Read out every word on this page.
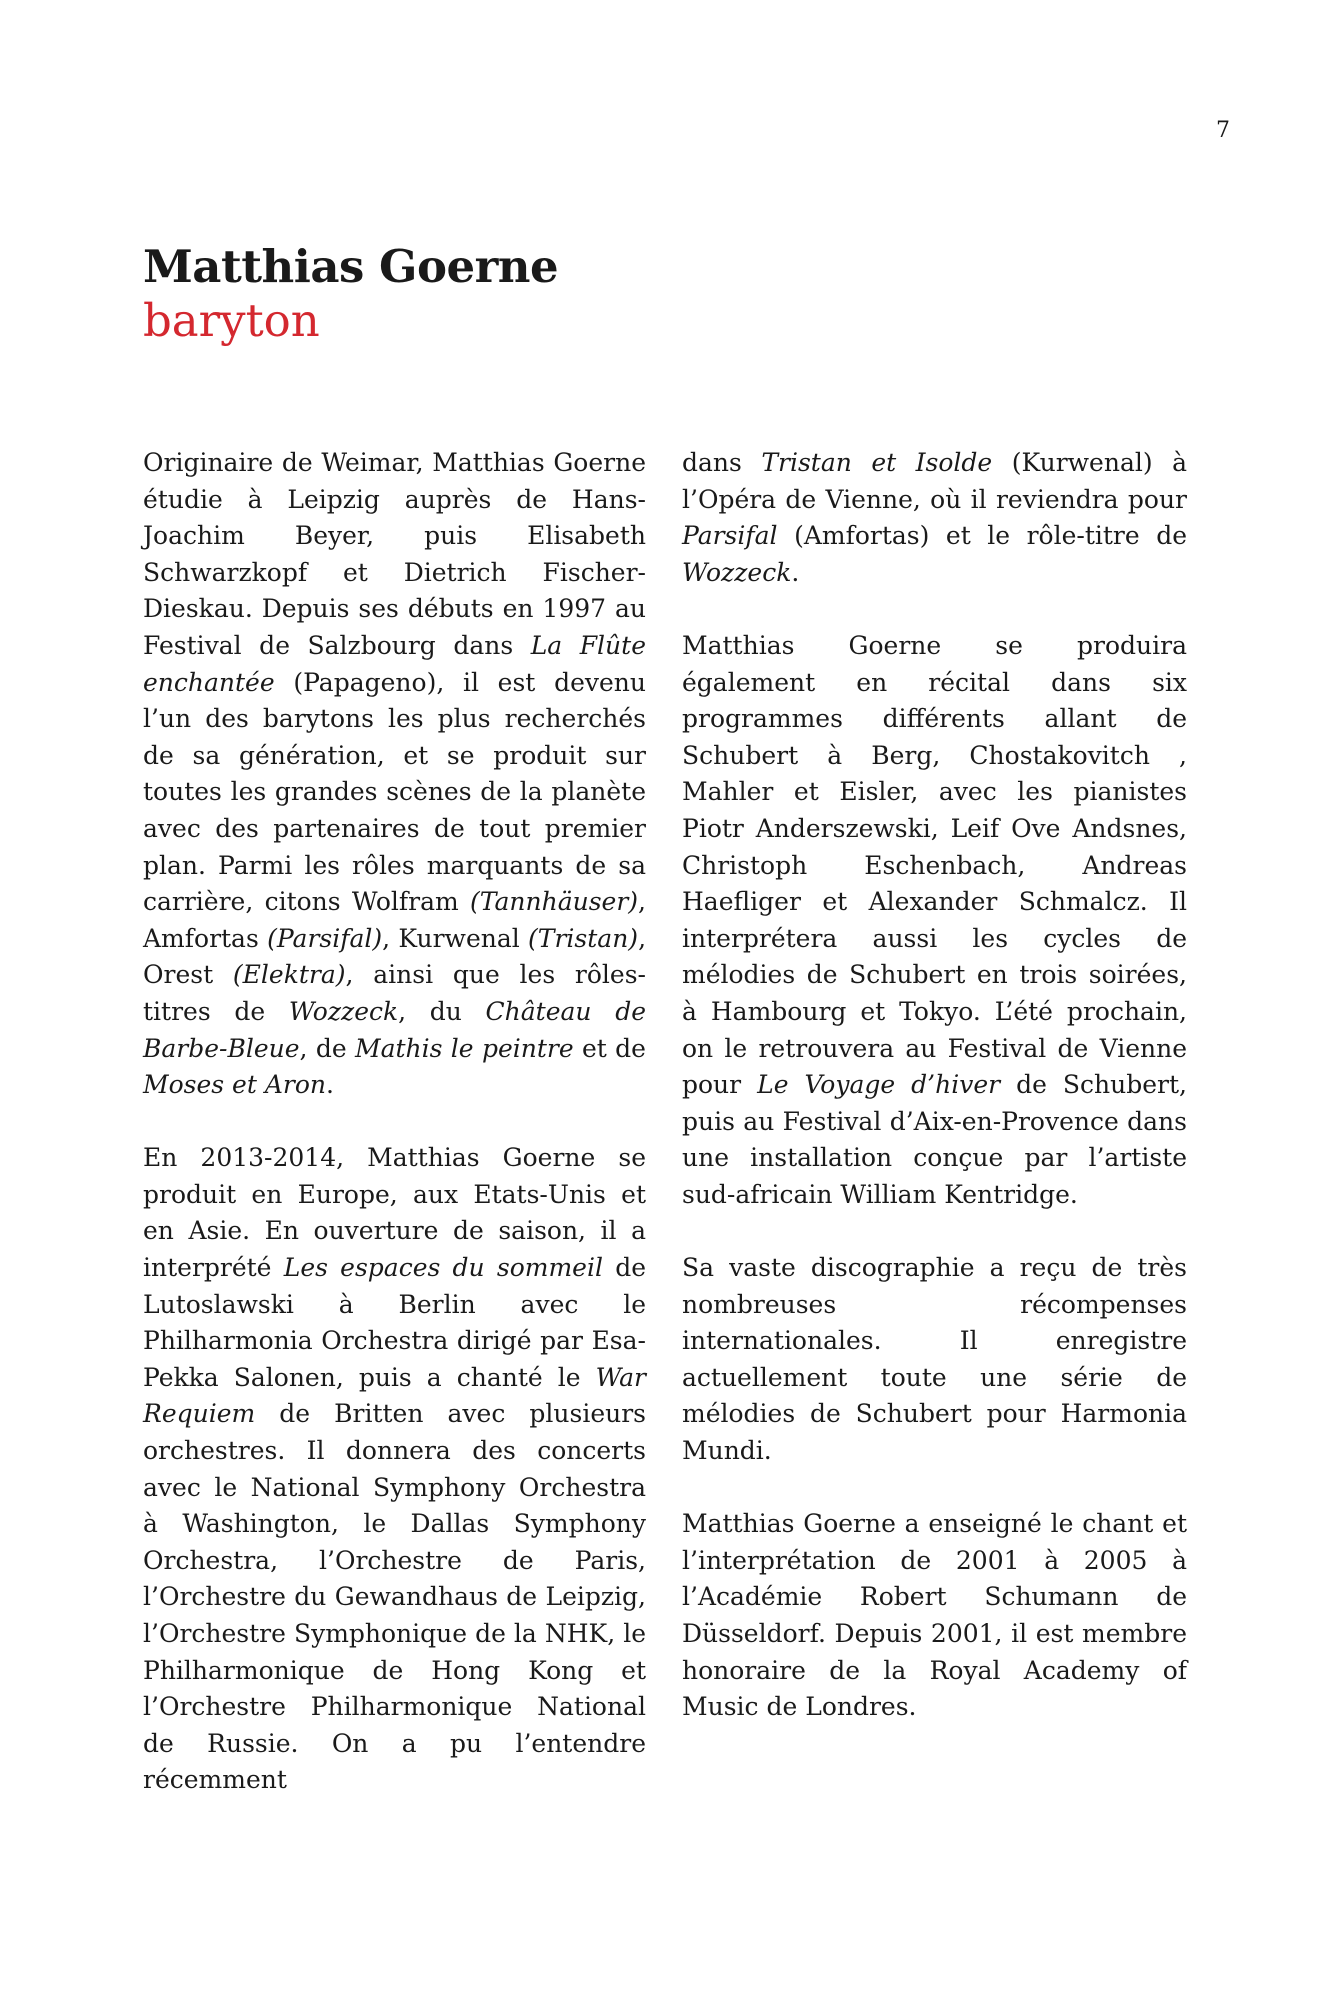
7
Matthias Goerne
baryton

Originaire de Weimar, Matthias Goerne étudie à Leipzig auprès de Hans-Joachim Beyer, puis Elisabeth Schwarzkopf et Dietrich Fischer-Dieskau. Depuis ses débuts en 1997 au Festival de Salzbourg dans La Flûte enchantée (Papageno), il est devenu l’un des barytons les plus recherchés de sa génération, et se produit sur toutes les grandes scènes de la planète avec des partenaires de tout premier plan. Parmi les rôles marquants de sa carrière, citons Wolfram (Tannhäuser), Amfortas (Parsifal), Kurwenal (Tristan), Orest (Elektra), ainsi que les rôles-titres de Wozzeck, du Château de Barbe-Bleue, de Mathis le peintre et de Moses et Aron.

En 2013-2014, Matthias Goerne se produit en Europe, aux Etats-Unis et en Asie. En ouverture de saison, il a interprété Les espaces du sommeil de Lutoslawski à Berlin avec le Philharmonia Orchestra dirigé par Esa-Pekka Salonen, puis a chanté le War Requiem de Britten avec plusieurs orchestres. Il donnera des concerts avec le National Symphony Orchestra à Washington, le Dallas Symphony Orchestra, l’Orchestre de Paris, l’Orchestre du Gewandhaus de Leipzig, l’Orchestre Symphonique de la NHK, le Philharmonique de Hong Kong et l’Orchestre Philharmonique National de Russie. On a pu l’entendre récemment

dans Tristan et Isolde (Kurwenal) à l’Opéra de Vienne, où il reviendra pour Parsifal (Amfortas) et le rôle-titre de Wozzeck.

Matthias Goerne se produira également en récital dans six programmes différents allant de Schubert à Berg, Chostakovitch , Mahler et Eisler, avec les pianistes Piotr Anderszewski, Leif Ove Andsnes, Christoph Eschenbach, Andreas Haefliger et Alexander Schmalcz. Il interprétera aussi les cycles de mélodies de Schubert en trois soirées, à Hambourg et Tokyo. L’été prochain, on le retrouvera au Festival de Vienne pour Le Voyage d’hiver de Schubert, puis au Festival d’Aix-en-Provence dans une installation conçue par l’artiste sud-africain William Kentridge.

Sa vaste discographie a reçu de très nombreuses récompenses internationales. Il enregistre actuellement toute une série de mélodies de Schubert pour Harmonia Mundi.

Matthias Goerne a enseigné le chant et l’interprétation de 2001 à 2005 à l’Académie Robert Schumann de Düsseldorf. Depuis 2001, il est membre honoraire de la Royal Academy of Music de Londres.
